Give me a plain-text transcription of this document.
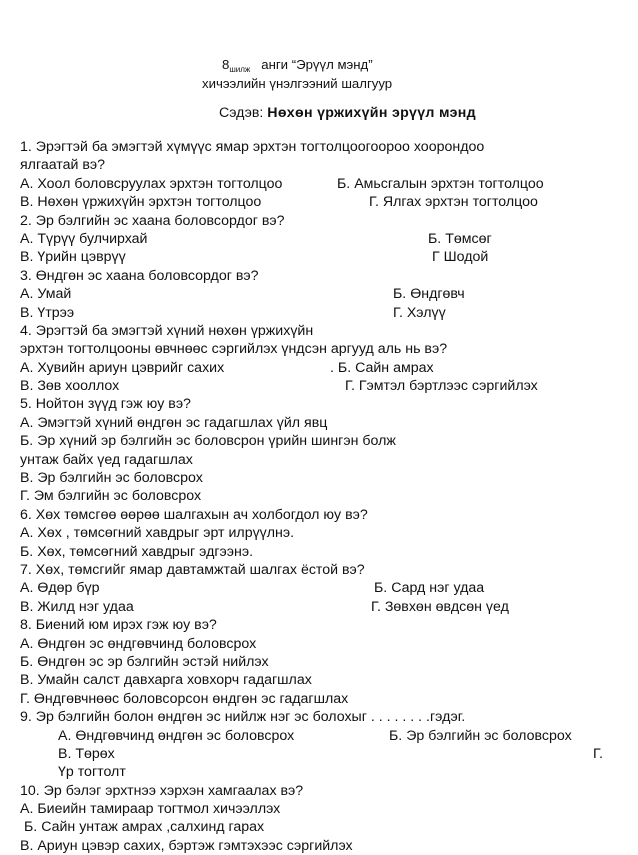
$8_{шилж}$ анги “Эрүүл мэнд”
хичээлийн үнэлгээний шалгуур
Сэдэв: Нөхөн үржихүйн эрүүл мэнд
1. Эрэгтэй ба эмэгтэй хүмүүс ямар эрхтэн тогтолцоогоороо хоорондоо
ялгаатай вэ?
А. Хоол боловсруулах эрхтэн тогтолцоо	Б. Амьсгалын эрхтэн тогтолцоо
В. Нөхөн үржихүйн эрхтэн тогтолцоо	Г. Ялгах эрхтэн тогтолцоо
2. Эр бэлгийн эс хаана боловсордог вэ?
А. Түрүү булчирхай	Б. Төмсөг
В. Үрийн цэврүү	Г Шодой
3. Өндгөн эс хаана боловсордог вэ?
А. Умай	Б. Өндгөвч
В. Үтрээ	Г. Хэлүү
4. Эрэгтэй ба эмэгтэй хүний нөхөн үржихүйн
эрхтэн тогтолцооны өвчнөөс сэргийлэх үндсэн аргууд аль нь вэ?
А. Хувийн ариун цэврийг сахих	. Б. Сайн амрах
В. Зөв хооллох	Г. Гэмтэл бэртлээс сэргийлэх
5. Нойтон зүүд гэж юу вэ?
А. Эмэгтэй хүний өндгөн эс гадагшлах үйл явц
Б. Эр хүний эр бэлгийн эс боловсрон үрийн шингэн болж
унтаж байх үед гадагшлах
В. Эр бэлгийн эс боловсрох
Г. Эм бэлгийн эс боловсрох
6. Хөх төмсгөө өөрөө шалгахын ач холбогдол юу вэ?
А. Хөх , төмсөгний хавдрыг эрт илрүүлнэ.
Б. Хөх, төмсөгний хавдрыг эдгээнэ.
7. Хөх, төмсгийг ямар давтамжтай шалгах ёстой вэ?
А. Өдөр бүр	Б. Сард нэг удаа
В. Жилд нэг удаа	Г. Зөвхөн өвдсөн үед
8. Биений юм ирэх гэж юу вэ?
А. Өндгөн эс өндгөвчинд боловсрох
Б. Өндгөн эс эр бэлгийн эстэй нийлэх
В. Умайн салст давхарга ховхорч гадагшлах
Г. Өндгөвчнөөс боловсорсон өндгөн эс гадагшлах
9. Эр бэлгийн болон өндгөн эс нийлж нэг эс болохыг . . . . . . . .гэдэг.
А. Өндгөвчинд өндгөн эс боловсрох	Б. Эр бэлгийн эс боловсрох
В. Төрөх	Г.
Үр тогтолт
10. Эр бэлэг эрхтнээ хэрхэн хамгаалах вэ?
А. Биеийн тамираар тогтмол хичээллэх
Б. Сайн унтаж амрах ,салхинд гарах
В. Ариун цэвэр сахих, бэртэж гэмтэхээс сэргийлэх
